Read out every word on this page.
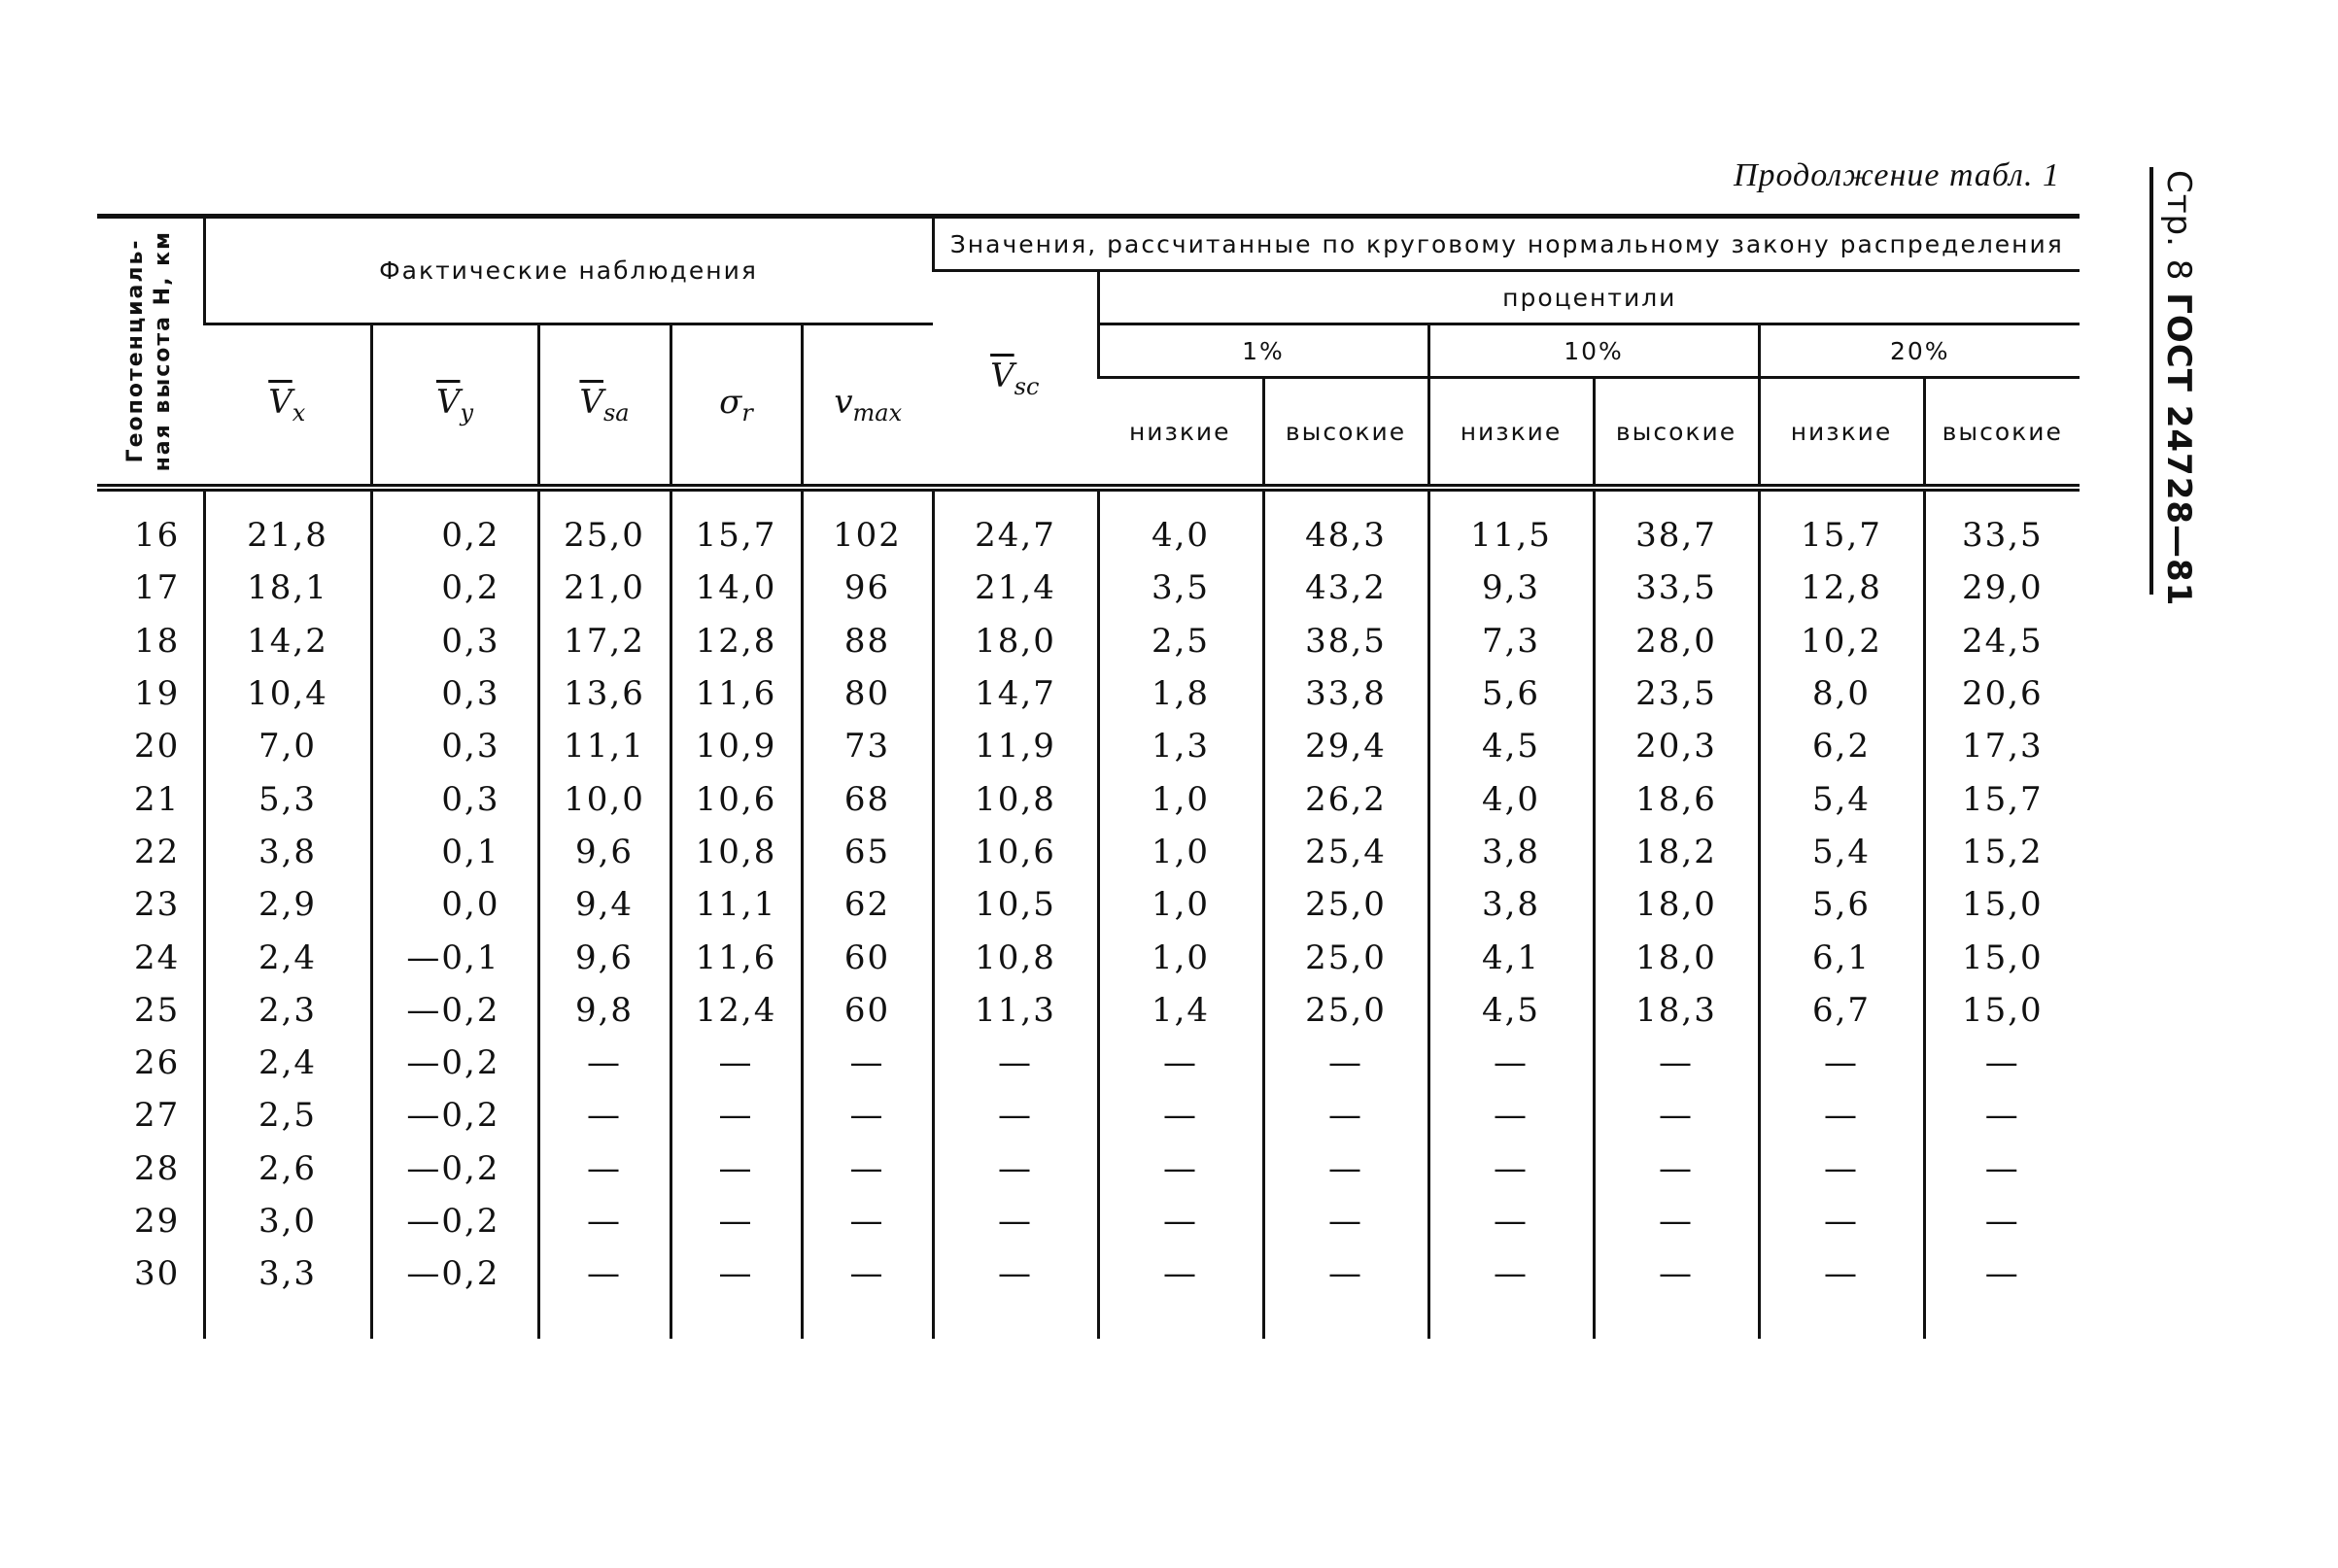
Продолжение табл. 1	Стр. 8 ГОСТ 24728—81
Геопотенциаль-
ная высота H, км	Фактические наблюдения					Значения, рассчитанные по круговому нормальному закону распределения						
						$\overline{V}_{sc}$	процентили					
	$\overline{V}_x$	$\overline{V}_y$	$\overline{V}_{sa}$	$\sigma_r$	$v_{max}$		1%		10%		20%	
							низкие	высокие	низкие	высокие	низкие	высокие
16	21,8	0,2	25,0	15,7	102	24,7	4,0	48,3	11,5	38,7	15,7	33,5
17	18,1	0,2	21,0	14,0	96	21,4	3,5	43,2	9,3	33,5	12,8	29,0
18	14,2	0,3	17,2	12,8	88	18,0	2,5	38,5	7,3	28,0	10,2	24,5
19	10,4	0,3	13,6	11,6	80	14,7	1,8	33,8	5,6	23,5	8,0	20,6
20	7,0	0,3	11,1	10,9	73	11,9	1,3	29,4	4,5	20,3	6,2	17,3
21	5,3	0,3	10,0	10,6	68	10,8	1,0	26,2	4,0	18,6	5,4	15,7
22	3,8	0,1	9,6	10,8	65	10,6	1,0	25,4	3,8	18,2	5,4	15,2
23	2,9	0,0	9,4	11,1	62	10,5	1,0	25,0	3,8	18,0	5,6	15,0
24	2,4	—0,1	9,6	11,6	60	10,8	1,0	25,0	4,1	18,0	6,1	15,0
25	2,3	—0,2	9,8	12,4	60	11,3	1,4	25,0	4,5	18,3	6,7	15,0
26	2,4	—0,2	—	—	—	—	—	—	—	—	—	—
27	2,5	—0,2	—	—	—	—	—	—	—	—	—	—
28	2,6	—0,2	—	—	—	—	—	—	—	—	—	—
29	3,0	—0,2	—	—	—	—	—	—	—	—	—	—
30	3,3	—0,2	—	—	—	—	—	—	—	—	—	—
